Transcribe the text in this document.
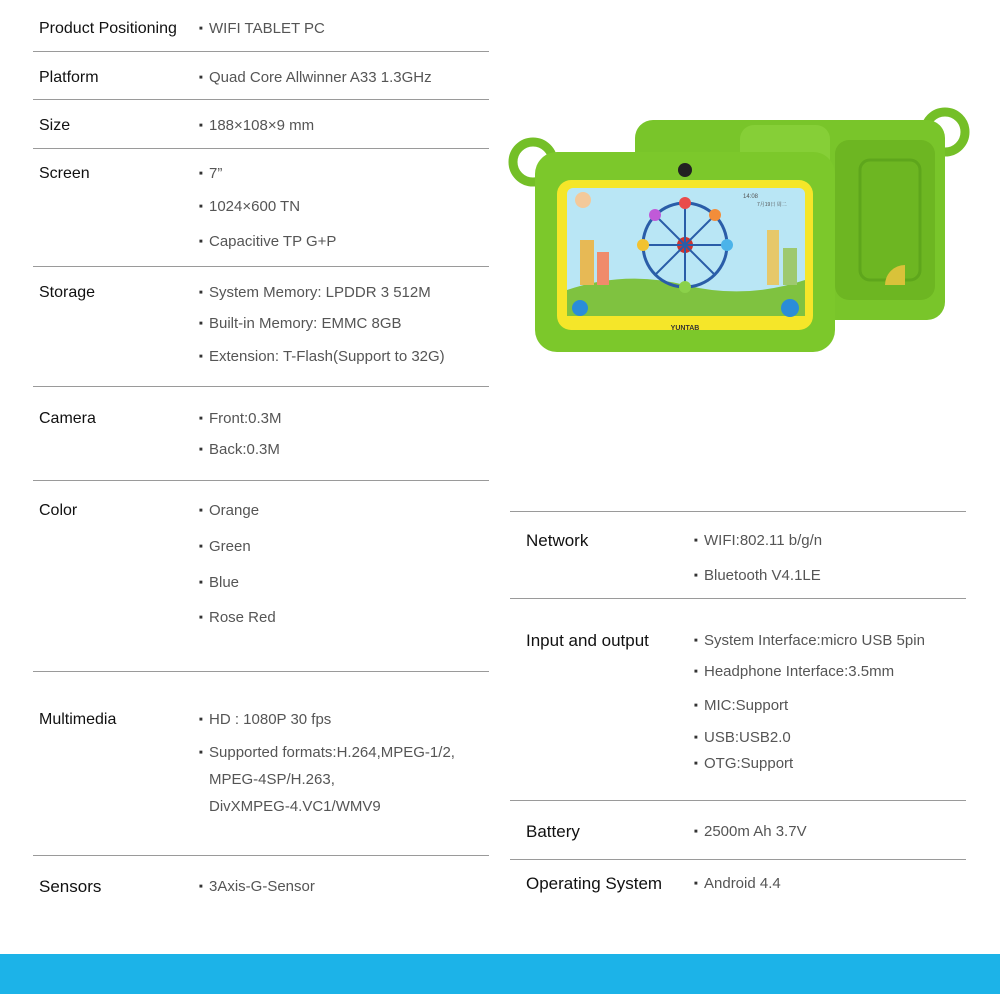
Product Positioning ■ WIFI TABLET PC
Platform	■ Quad Core Allwinner A33 1.3GHz
Size	■ 188×108×9 mm
Screen	■ 7”
■ 1024×600 TN
■ Capacitive TP G+P
Storage	■ System Memory: LPDDR 3 512M
■ Built-in Memory: EMMC 8GB
■ Extension: T-Flash(Support to 32G)
Camera	■ Front:0.3M
■ Back:0.3M
Color	■ Orange
■ Green
■ Blue
■ Rose Red
Multimedia	■ HD : 1080P 30 fps
■ Supported formats:H.264,MPEG-1/2,
MPEG-4SP/H.263,
DivXMPEG-4.VC1/WMV9
Sensors	■ 3Axis-G-Sensor
14:08
7月19日 周二
YUNTAB
Network	■ WIFI:802.11 b/g/n
■ Bluetooth V4.1LE
Input and output	■ System Interface:micro USB 5pin
■ Headphone Interface:3.5mm
■ MIC:Support
■ USB:USB2.0
■ OTG:Support
Battery	■ 2500m Ah 3.7V
Operating System	■ Android 4.4
